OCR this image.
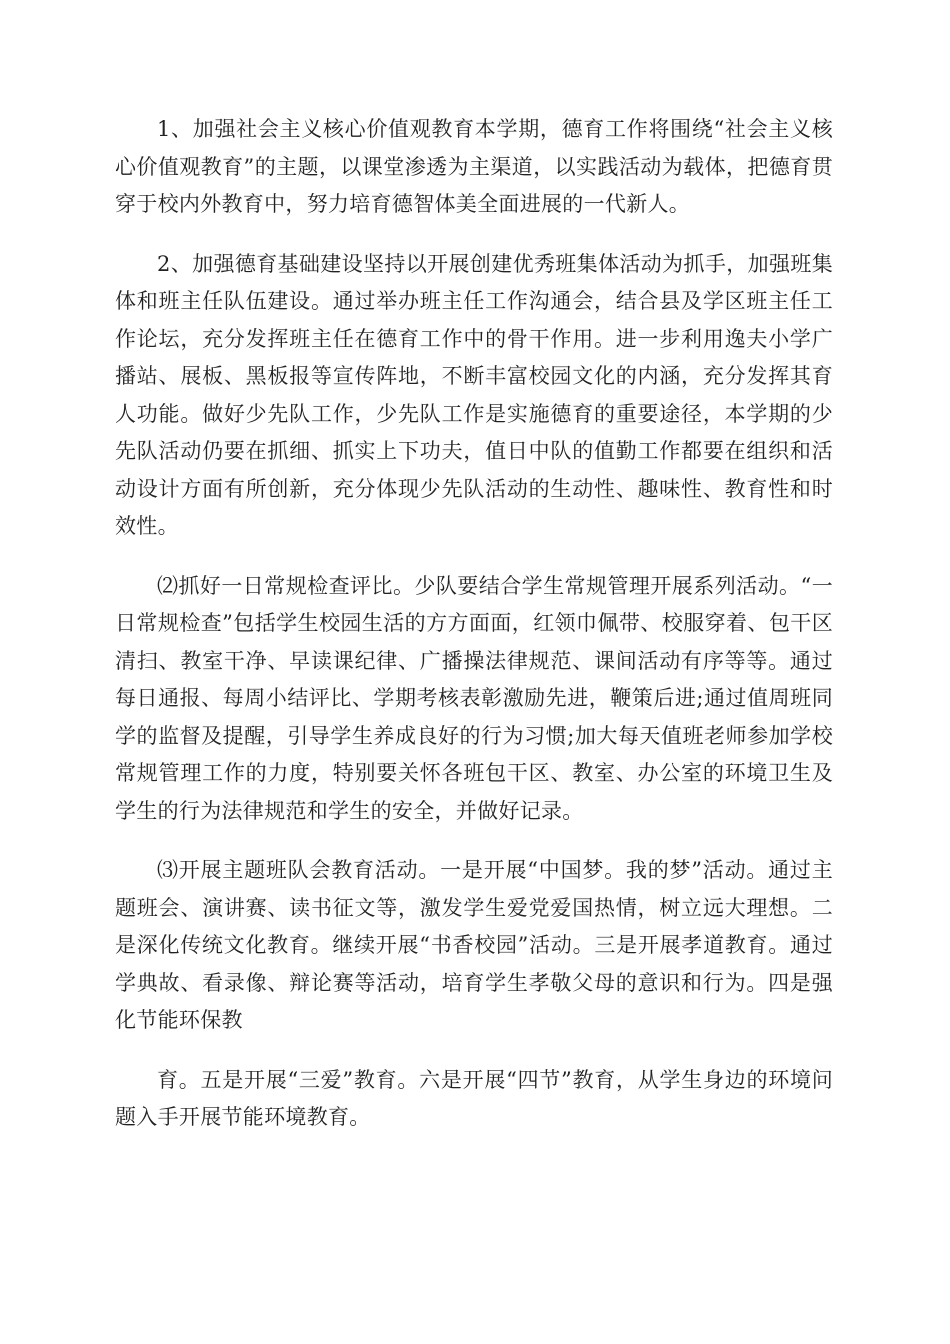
1、加强社会主义核心价值观教育本学期，德育工作将围绕“社会主义核心价值观教育”的主题，以课堂渗透为主渠道，以实践活动为载体，把德育贯穿于校内外教育中，努力培育德智体美全面进展的一代新人。

2、加强德育基础建设坚持以开展创建优秀班集体活动为抓手，加强班集体和班主任队伍建设。通过举办班主任工作沟通会，结合县及学区班主任工作论坛，充分发挥班主任在德育工作中的骨干作用。进一步利用逸夫小学广播站、展板、黑板报等宣传阵地，不断丰富校园文化的内涵，充分发挥其育人功能。做好少先队工作，少先队工作是实施德育的重要途径，本学期的少先队活动仍要在抓细、抓实上下功夫，值日中队的值勤工作都要在组织和活动设计方面有所创新，充分体现少先队活动的生动性、趣味性、教育性和时效性。

⑵抓好一日常规检查评比。少队要结合学生常规管理开展系列活动。“一日常规检查”包括学生校园生活的方方面面，红领巾佩带、校服穿着、包干区清扫、教室干净、早读课纪律、广播操法律规范、课间活动有序等等。通过每日通报、每周小结评比、学期考核表彰激励先进，鞭策后进;通过值周班同学的监督及提醒，引导学生养成良好的行为习惯;加大每天值班老师参加学校常规管理工作的力度，特别要关怀各班包干区、教室、办公室的环境卫生及学生的行为法律规范和学生的安全，并做好记录。

⑶开展主题班队会教育活动。一是开展“中国梦。我的梦”活动。通过主题班会、演讲赛、读书征文等，激发学生爱党爱国热情，树立远大理想。二是深化传统文化教育。继续开展“书香校园”活动。三是开展孝道教育。通过学典故、看录像、辩论赛等活动，培育学生孝敬父母的意识和行为。四是强化节能环保教

育。五是开展“三爱”教育。六是开展“四节”教育，从学生身边的环境问题入手开展节能环境教育。
